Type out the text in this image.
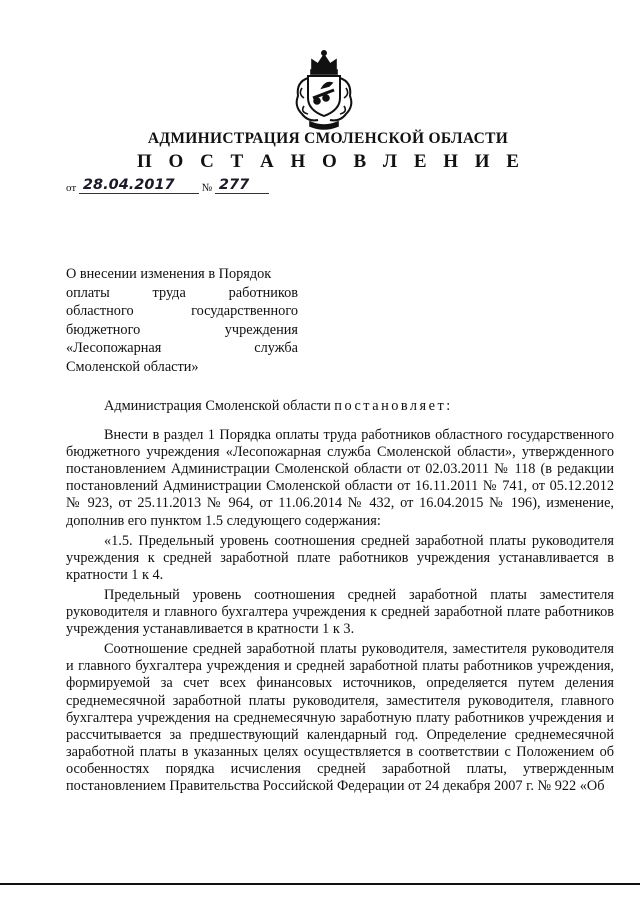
АДМИНИСТРАЦИЯ СМОЛЕНСКОЙ ОБЛАСТИ
П О С Т А Н О В Л Е Н И Е
от 28.04.2017 № 277
О внесении изменения в Порядок
оплаты труда работников
областного государственного
бюджетного учреждения
«Лесопожарная служба
Смоленской области»
Администрация Смоленской области постановляет:

Внести в раздел 1 Порядка оплаты труда работников областного государственного бюджетного учреждения «Лесопожарная служба Смоленской области», утвержденного постановлением Администрации Смоленской области от 02.03.2011 № 118 (в редакции постановлений Администрации Смоленской области от 16.11.2011 № 741, от 05.12.2012 № 923, от 25.11.2013 № 964, от 11.06.2014 № 432, от 16.04.2015 № 196), изменение, дополнив его пунктом 1.5 следующего содержания:

«1.5. Предельный уровень соотношения средней заработной платы руководителя учреждения к средней заработной плате работников учреждения устанавливается в кратности 1 к 4.

Предельный уровень соотношения средней заработной платы заместителя руководителя и главного бухгалтера учреждения к средней заработной плате работников учреждения устанавливается в кратности 1 к 3.

Соотношение средней заработной платы руководителя, заместителя руководителя и главного бухгалтера учреждения и средней заработной платы работников учреждения, формируемой за счет всех финансовых источников, определяется путем деления среднемесячной заработной платы руководителя, заместителя руководителя, главного бухгалтера учреждения на среднемесячную заработную плату работников учреждения и рассчитывается за предшествующий календарный год. Определение среднемесячной заработной платы в указанных целях осуществляется в соответствии с Положением об особенностях порядка исчисления средней заработной платы, утвержденным постановлением Правительства Российской Федерации от 24 декабря 2007 г. № 922 «Об
